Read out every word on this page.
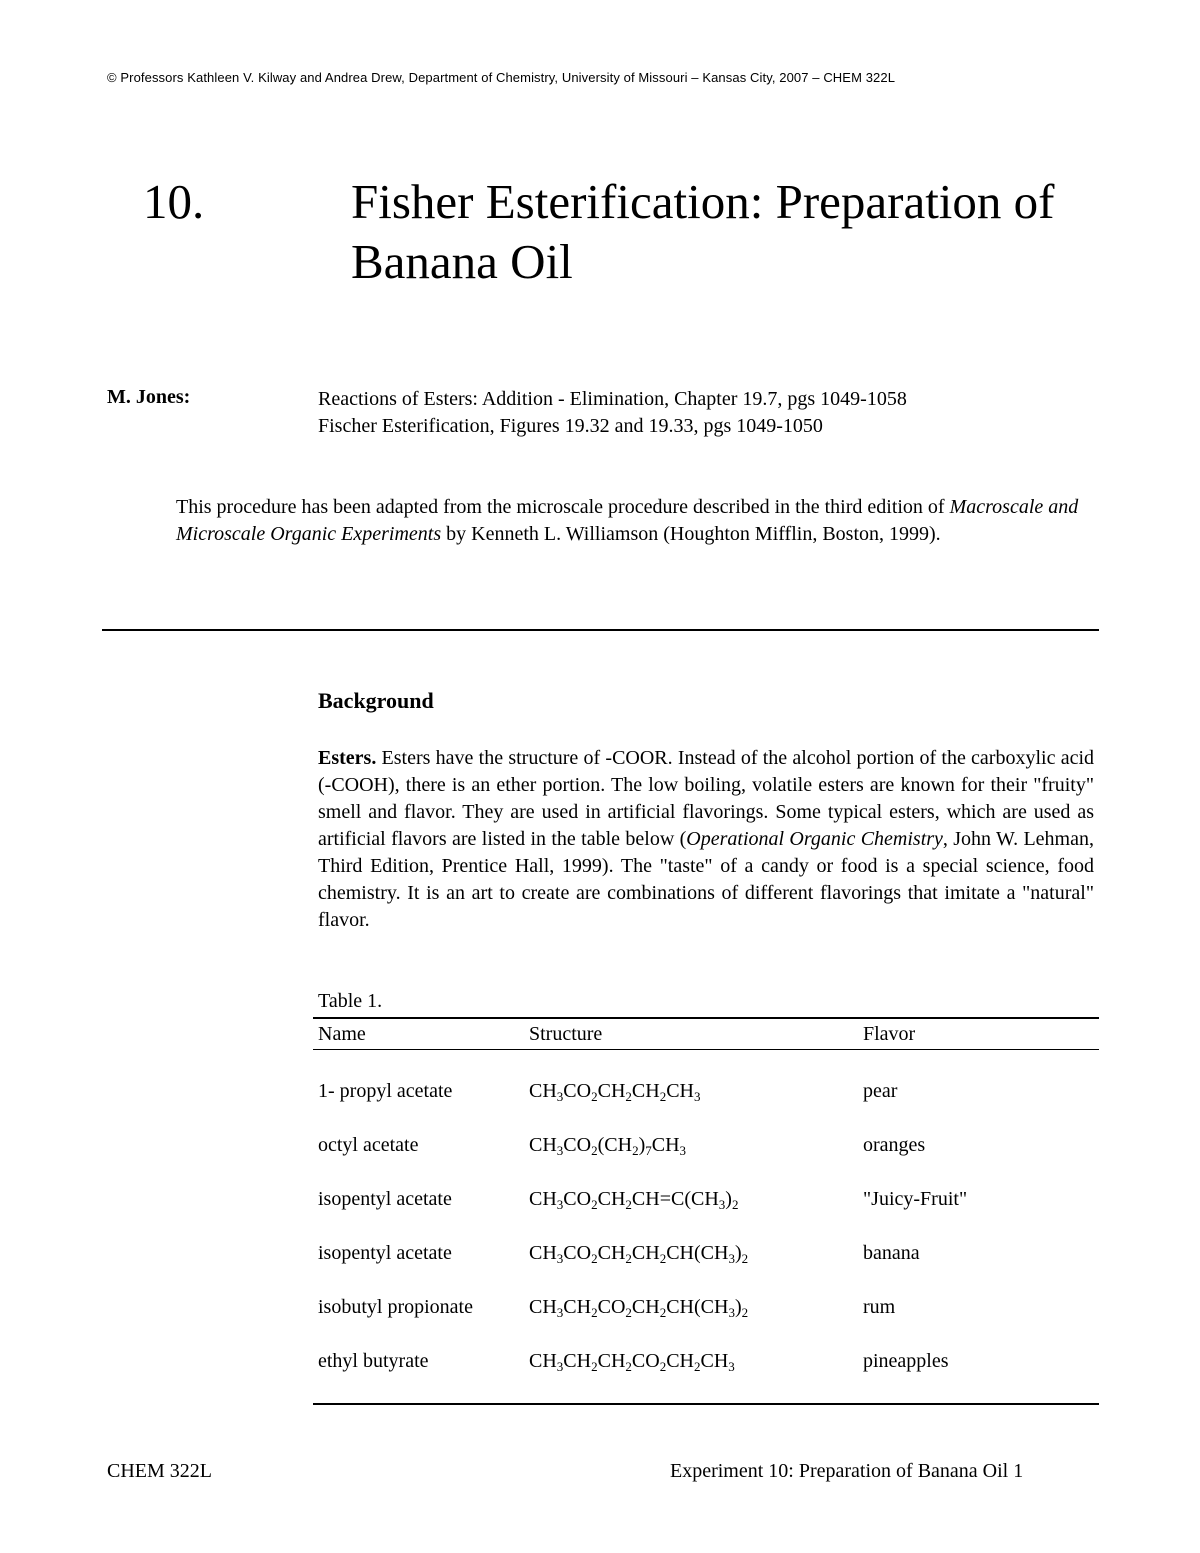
© Professors Kathleen V. Kilway and Andrea Drew, Department of Chemistry, University of Missouri – Kansas City, 2007 – CHEM 322L
10.	Fisher Esterification: Preparation of Banana Oil
M. Jones:	Reactions of Esters: Addition - Elimination, Chapter 19.7, pgs 1049-1058
Fischer Esterification, Figures 19.32 and 19.33, pgs 1049-1050
This procedure has been adapted from the microscale procedure described in the third edition of Macroscale and Microscale Organic Experiments by Kenneth L. Williamson (Houghton Mifflin, Boston, 1999).
Background
Esters. Esters have the structure of -COOR. Instead of the alcohol portion of the carboxylic acid (-COOH), there is an ether portion. The low boiling, volatile esters are known for their "fruity" smell and flavor. They are used in artificial flavorings. Some typical esters, which are used as artificial flavors are listed in the table below (Operational Organic Chemistry, John W. Lehman, Third Edition, Prentice Hall, 1999). The "taste" of a candy or food is a special science, food chemistry. It is an art to create are combinations of different flavorings that imitate a "natural" flavor.
Table 1.
Name	Structure	Flavor
1- propyl acetate	$CH_3CO_2CH_2CH_2CH_3$	pear
octyl acetate	$CH_3CO_2(CH_2)_7CH_3$	oranges
isopentyl acetate	$CH_3CO_2CH_2CH=C(CH_3)_2$	"Juicy-Fruit"
isopentyl acetate	$CH_3CO_2CH_2CH_2CH(CH_3)_2$	banana
isobutyl propionate	$CH_3CH_2CO_2CH_2CH(CH_3)_2$	rum
ethyl butyrate	$CH_3CH_2CH_2CO_2CH_2CH_3$	pineapples
CHEM 322L	Experiment 10: Preparation of Banana Oil 1
